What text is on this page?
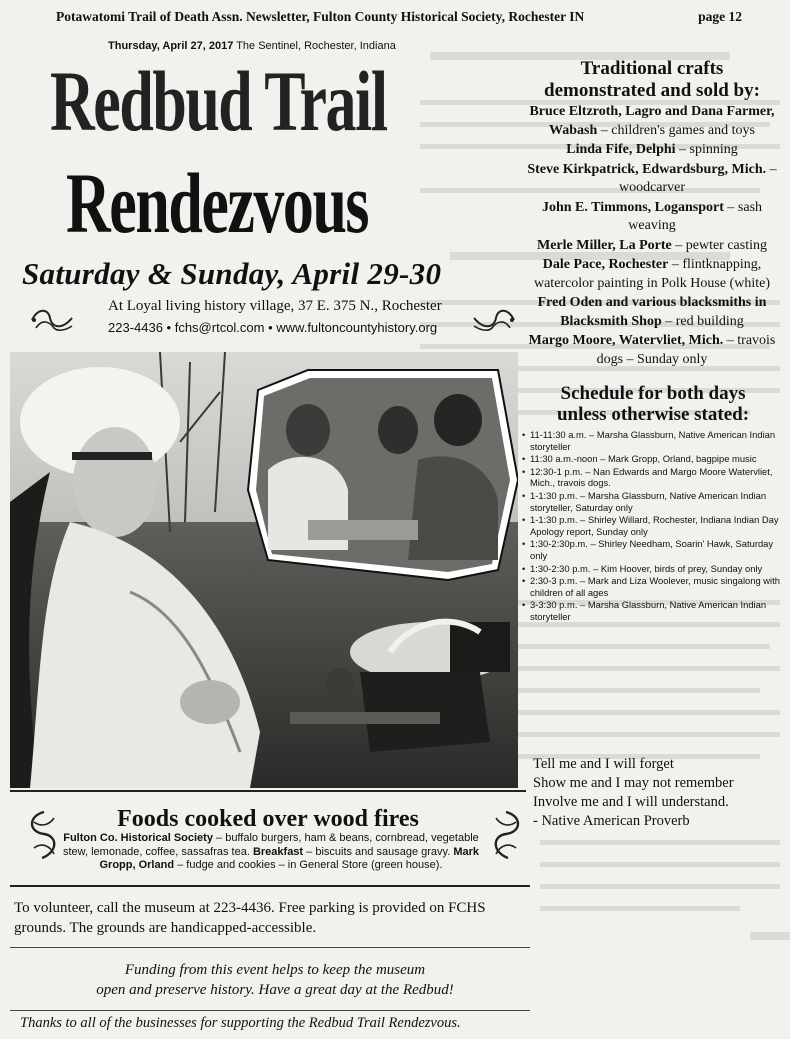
Potawatomi Trail of Death Assn. Newsletter, Fulton County Historical Society, Rochester IN	page 12
Thursday, April 27, 2017 The Sentinel, Rochester, Indiana
Redbud Trail
Rendezvous
Saturday & Sunday, April 29-30
At Loyal living history village, 37 E. 375 N., Rochester
223-4436 • fchs@rtcol.com • www.fultoncountyhistory.org
Traditional crafts
demonstrated and sold by:
Bruce Eltzroth, Lagro and Dana Farmer, Wabash – children's games and toys
Linda Fife, Delphi – spinning
Steve Kirkpatrick, Edwardsburg, Mich. – woodcarver
John E. Timmons, Logansport – sash weaving
Merle Miller, La Porte – pewter casting
Dale Pace, Rochester – flintknapping, watercolor painting in Polk House (white)
Fred Oden and various blacksmiths in Blacksmith Shop – red building
Margo Moore, Watervliet, Mich. – travois dogs – Sunday only
Schedule for both days
unless otherwise stated:
• 11-11:30 a.m. – Marsha Glassburn, Native American Indian storyteller
• 11:30 a.m.-noon – Mark Gropp, Orland, bagpipe music
• 12:30-1 p.m. – Nan Edwards and Margo Moore Watervliet, Mich., travois dogs.
• 1-1:30 p.m. – Marsha Glassburn, Native American Indian storyteller, Saturday only
• 1-1:30 p.m. – Shirley Willard, Rochester, Indiana Indian Day Apology report, Sunday only
• 1:30-2:30p.m. – Shirley Needham, Soarin' Hawk, Saturday only
• 1:30-2:30 p.m. – Kim Hoover, birds of prey, Sunday only
• 2:30-3 p.m. – Mark and Liza Woolever, music singalong with children of all ages
• 3-3:30 p.m. – Marsha Glassburn, Native American Indian storyteller
Tell me and I will forget
Show me and I may not remember
Involve me and I will understand.
- Native American Proverb
Foods cooked over wood fires
Fulton Co. Historical Society – buffalo burgers, ham & beans, cornbread, vegetable stew, lemonade, coffee, sassafras tea. Breakfast – biscuits and sausage gravy. Mark Gropp, Orland – fudge and cookies – in General Store (green house).
To volunteer, call the museum at 223-4436. Free parking is provided on FCHS grounds. The grounds are handicapped-accessible.
Funding from this event helps to keep the museum
open and preserve history. Have a great day at the Redbud!
Thanks to all of the businesses for supporting the Redbud Trail Rendezvous.
